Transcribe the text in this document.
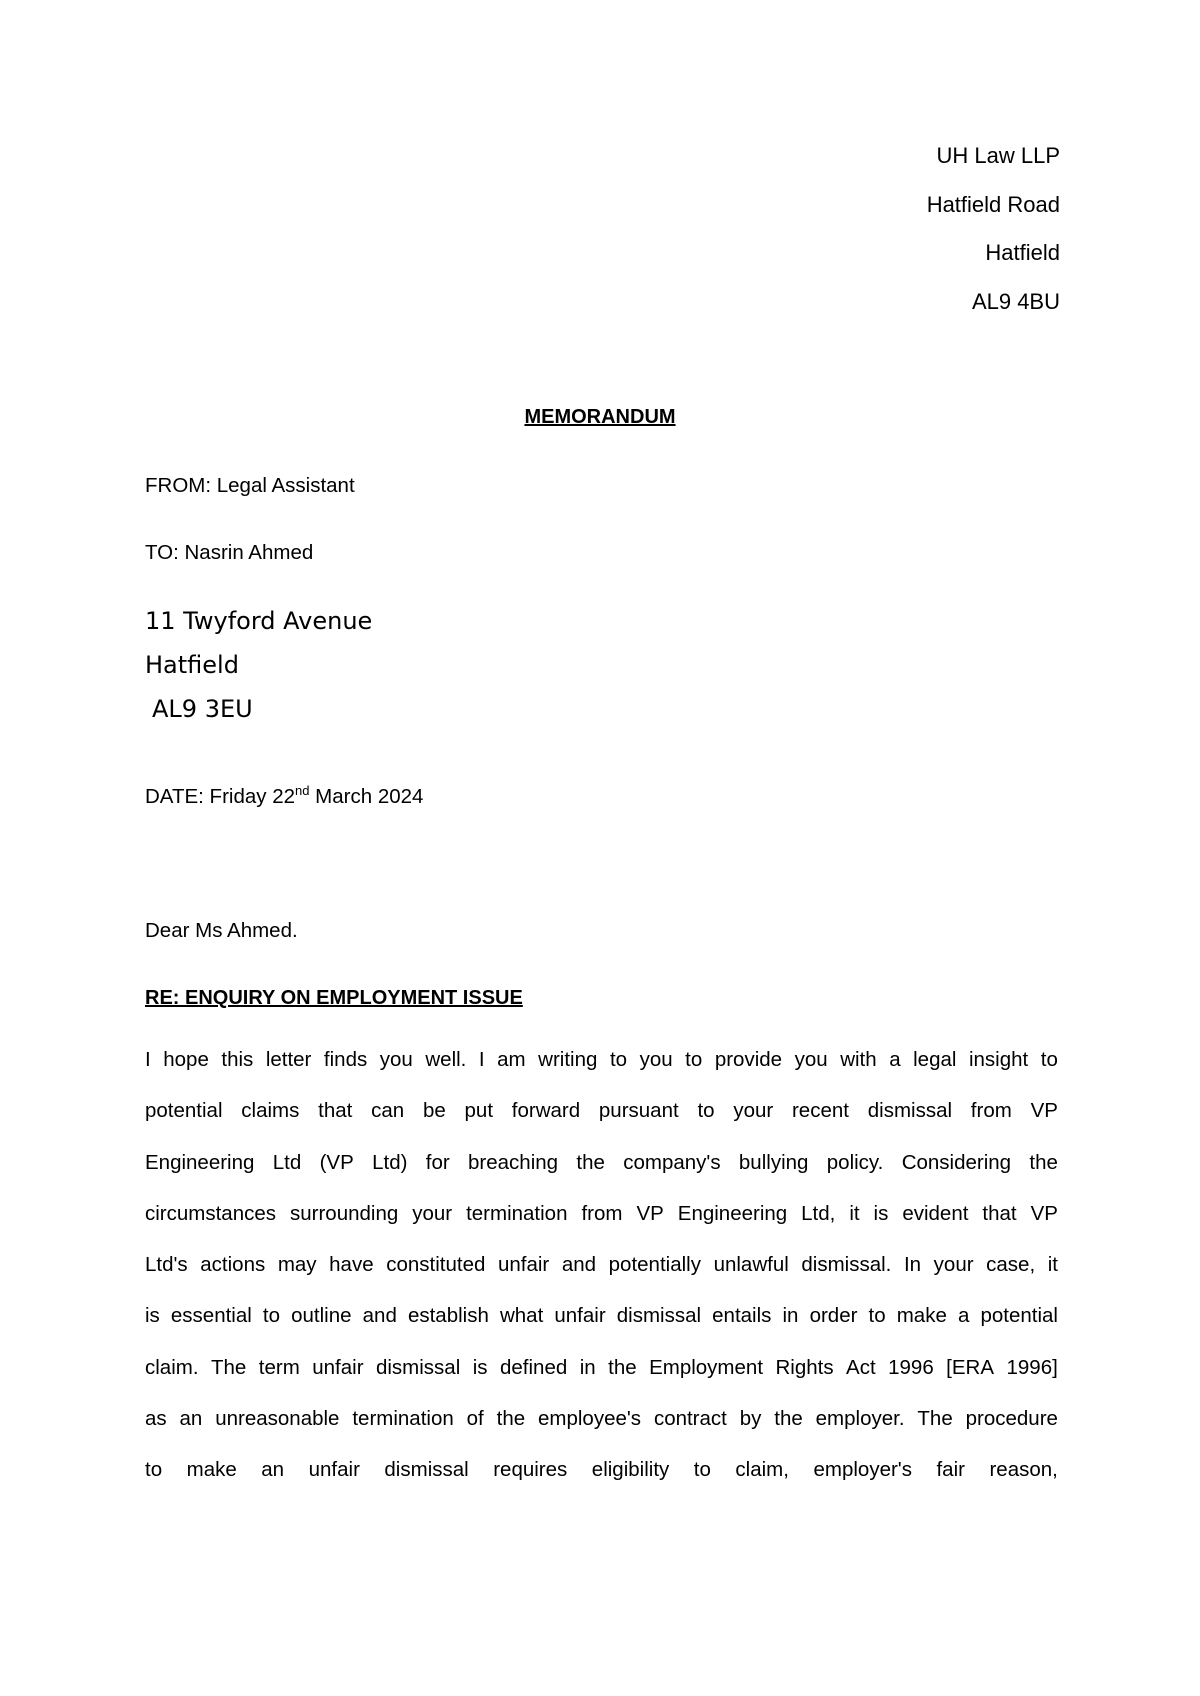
UH Law LLP
Hatfield Road
Hatfield
AL9 4BU
MEMORANDUM
FROM: Legal Assistant
TO: Nasrin Ahmed
11 Twyford Avenue
Hatfield
AL9 3EU
DATE: Friday 22nd March 2024
Dear Ms Ahmed.
RE: ENQUIRY ON EMPLOYMENT ISSUE
I hope this letter finds you well. I am writing to you to provide you with a legal insight to
potential claims that can be put forward pursuant to your recent dismissal from VP
Engineering Ltd (VP Ltd) for breaching the company's bullying policy. Considering the
circumstances surrounding your termination from VP Engineering Ltd, it is evident that VP
Ltd's actions may have constituted unfair and potentially unlawful dismissal. In your case, it
is essential to outline and establish what unfair dismissal entails in order to make a potential
claim. The term unfair dismissal is defined in the Employment Rights Act 1996 [ERA 1996]
as an unreasonable termination of the employee's contract by the employer. The procedure
to make an unfair dismissal requires eligibility to claim, employer's fair reason,
